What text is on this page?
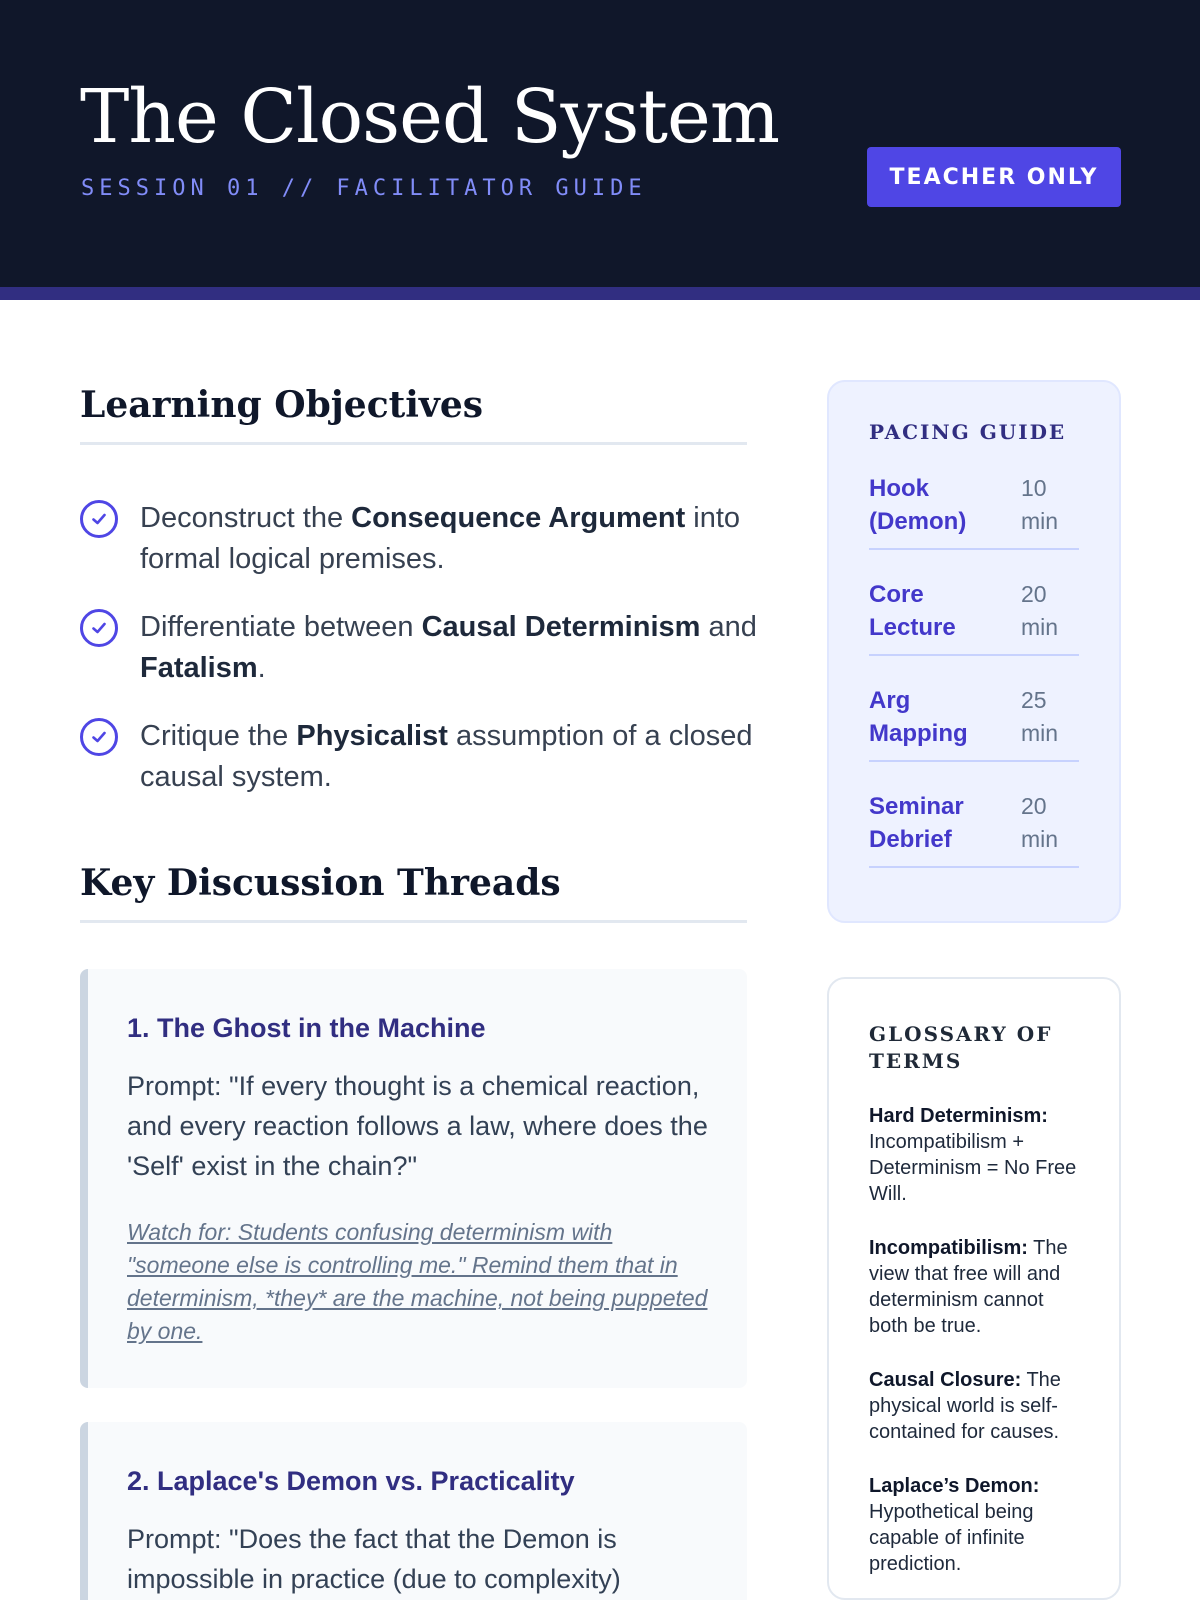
The Closed System
SESSION 01 // FACILITATOR GUIDE	TEACHER ONLY
Learning Objectives
Deconstruct the Consequence Argument into formal logical premises.
Differentiate between Causal Determinism and Fatalism.
Critique the Physicalist assumption of a closed causal system.
Key Discussion Threads
1. The Ghost in the Machine
Prompt: "If every thought is a chemical reaction, and every reaction follows a law, where does the 'Self' exist in the chain?"
Watch for: Students confusing determinism with "someone else is controlling me." Remind them that in determinism, *they* are the machine, not being puppeted by one.
2. Laplace's Demon vs. Practicality
Prompt: "Does the fact that the Demon is impossible in practice (due to complexity)
PACING GUIDE
Hook (Demon)
10 min
Core Lecture
20 min
Arg Mapping
25 min
Seminar Debrief
20 min
GLOSSARY OF TERMS
Hard Determinism:
Incompatibilism + Determinism = No Free Will.
Incompatibilism: The view that free will and determinism cannot both be true.
Causal Closure: The physical world is self-contained for causes.
Laplace’s Demon:
Hypothetical being capable of infinite prediction.
